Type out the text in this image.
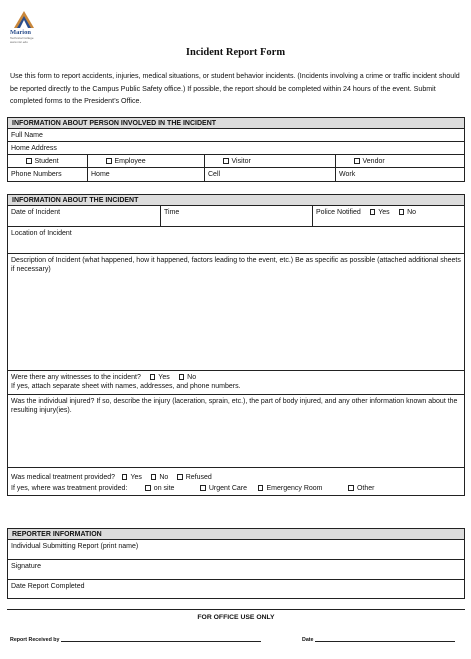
Marion
Technical College
www.mtc.edu
Incident Report Form
Use this form to report accidents, injuries, medical situations, or student behavior incidents. (Incidents involving a crime or traffic incident should be reported directly to the Campus Public Safety office.) If possible, the report should be completed within 24 hours of the event. Submit completed forms to the President’s Office.
INFORMATION ABOUT PERSON INVOLVED IN THE INCIDENT
Full Name
Home Address
Student	Employee	Visitor	Vendor
Phone Numbers	Home	Cell	Work
INFORMATION ABOUT THE INCIDENT
Date of Incident	Time	Police Notified Yes No
Location of Incident
Description of Incident (what happened, how it happened, factors leading to the event, etc.) Be as specific as possible (attached additional sheets if necessary)
Were there any witnesses to the incident? Yes No
If yes, attach separate sheet with names, addresses, and phone numbers.
Was the individual injured? If so, describe the injury (laceration, sprain, etc.), the part of body injured, and any other information known about the resulting injury(ies).
Was medical treatment provided? Yes No Refused
If yes, where was treatment provided:	on site	Urgent Care	Emergency Room	Other
REPORTER INFORMATION
Individual Submitting Report (print name)
Signature
Date Report Completed
FOR OFFICE USE ONLY
Report Received by	Date
